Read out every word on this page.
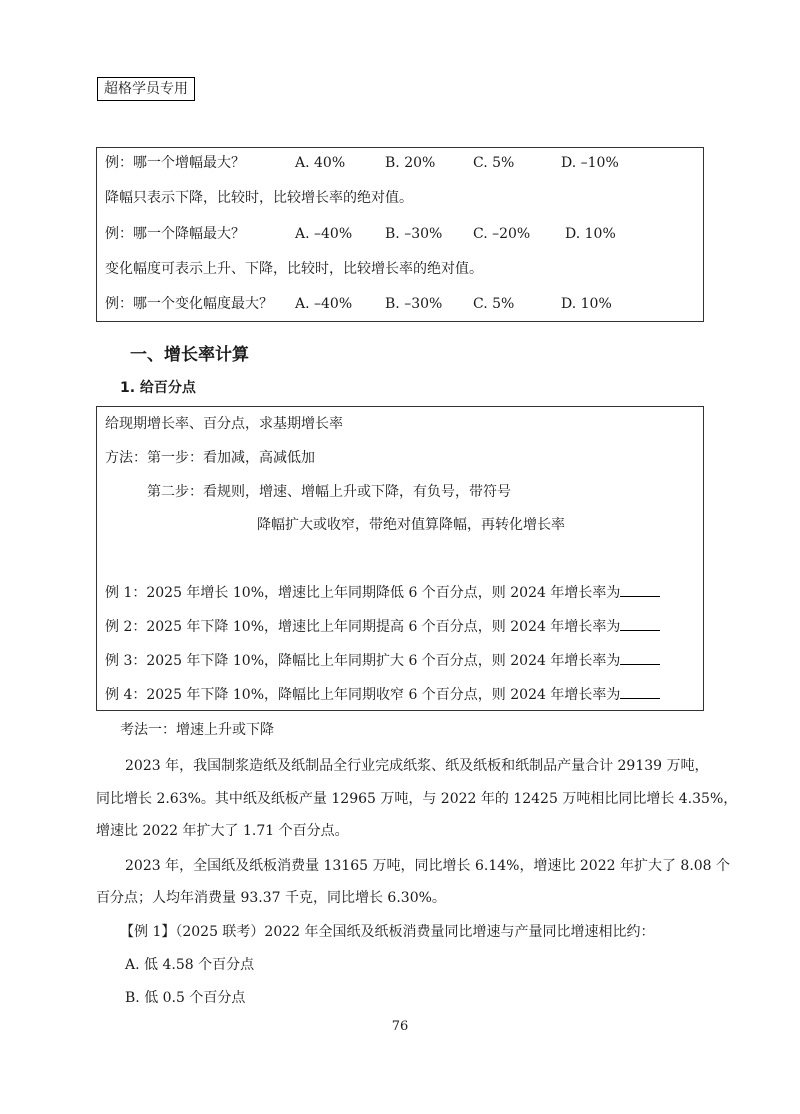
超格学员专用
例：哪一个增幅最大？	A. 40%	B. 20%	C. 5%	D. –10%
降幅只表示下降，比较时，比较增长率的绝对值。
例：哪一个降幅最大？	A. –40% B. –30% C. –20% D. 10%
变化幅度可表示上升、下降，比较时，比较增长率的绝对值。
例：哪一个变化幅度最大？ A. –40% B. –30% C. 5%	D. 10%
一、增长率计算
1. 给百分点
给现期增长率、百分点，求基期增长率
方法：第一步：看加减，高减低加
第二步：看规则，增速、增幅上升或下降，有负号，带符号
降幅扩大或收窄，带绝对值算降幅，再转化增长率
例 1：2025 年增长 10%，增速比上年同期降低 6 个百分点，则 2024 年增长率为
例 2：2025 年下降 10%，增速比上年同期提高 6 个百分点，则 2024 年增长率为
例 3：2025 年下降 10%，降幅比上年同期扩大 6 个百分点，则 2024 年增长率为
例 4：2025 年下降 10%，降幅比上年同期收窄 6 个百分点，则 2024 年增长率为
考法一：增速上升或下降
2023 年，我国制浆造纸及纸制品全行业完成纸浆、纸及纸板和纸制品产量合计 29139 万吨，
同比增长 2.63%。其中纸及纸板产量 12965 万吨，与 2022 年的 12425 万吨相比同比增长 4.35%，
增速比 2022 年扩大了 1.71 个百分点。
2023 年，全国纸及纸板消费量 13165 万吨，同比增长 6.14%，增速比 2022 年扩大了 8.08 个
百分点；人均年消费量 93.37 千克，同比增长 6.30%。
【例 1】（2025 联考）2022 年全国纸及纸板消费量同比增速与产量同比增速相比约：
A. 低 4.58 个百分点
B. 低 0.5 个百分点
76
